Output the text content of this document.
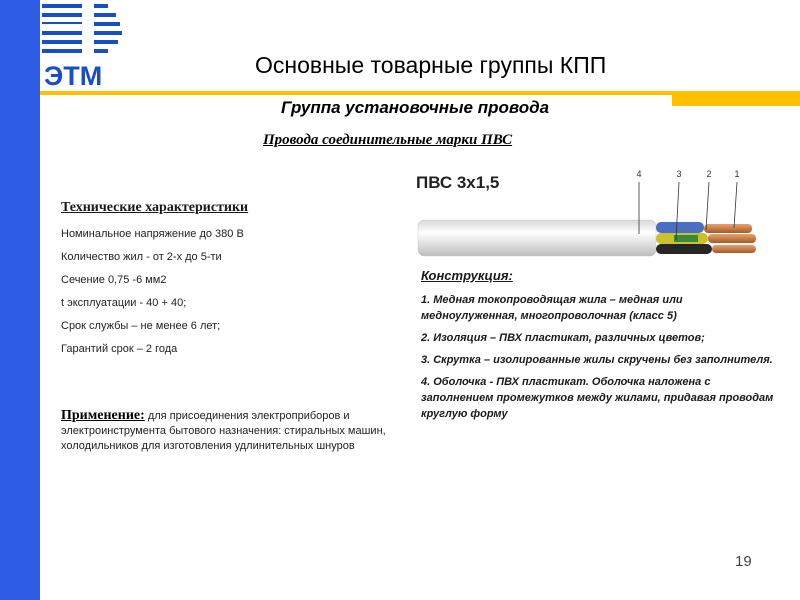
ЭТМ	Основные товарные группы КПП
Группа установочные провода
Провода соединительные марки ПВС
Технические характеристики
Номинальное напряжение до 380 В
Количество жил - от 2-х до 5-ти
Сечение 0,75 -6 мм2
t эксплуатации - 40 + 40;
Срок службы – не менее 6 лет;
Гарантий срок – 2 года
Применение: для присоединения электроприборов и электроинструмента бытового назначения: стиральных машин, холодильников для изготовления удлинительных шнуров
ПВС 3х1,5	4	3	2	1
Конструкция:
1. Медная токопроводящая жила – медная или медноулуженная, многопроволочная (класс 5)
2. Изоляция – ПВХ пластикат, различных цветов;
3. Скрутка – изолированные жилы скручены без заполнителя.
4. Оболочка - ПВХ пластикат. Оболочка наложена с заполнением промежутков между жилами, придавая проводам круглую форму
19
